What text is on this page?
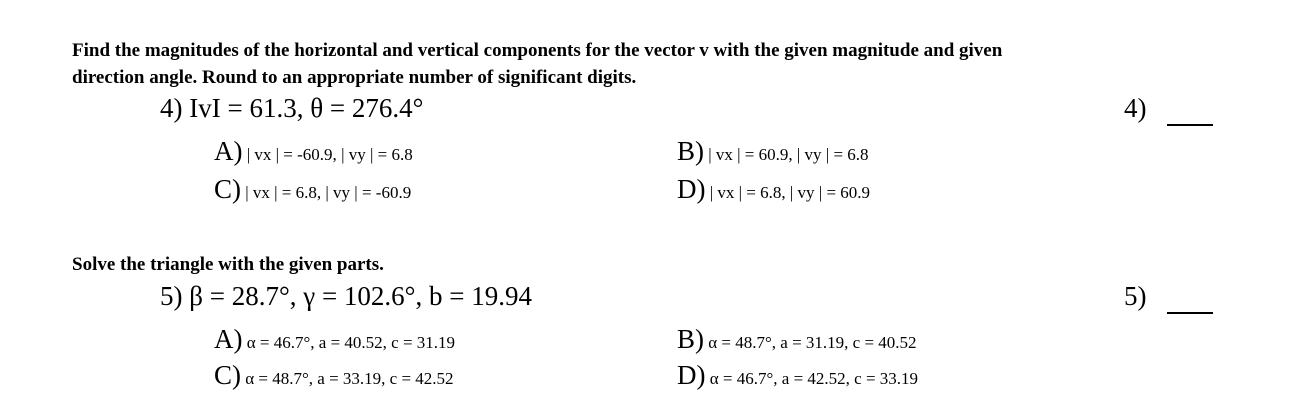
Find the magnitudes of the horizontal and vertical components for the vector v with the given magnitude and given
direction angle. Round to an appropriate number of significant digits.
4) IvI = 61.3, θ = 276.4°	4)
A) | vx | = -60.9, | vy | = 6.8	B) | vx | = 60.9, | vy | = 6.8
C) | vx | = 6.8, | vy | = -60.9	D) | vx | = 6.8, | vy | = 60.9
Solve the triangle with the given parts.
5) β = 28.7°, γ = 102.6°, b = 19.94	5)
A) α = 46.7°, a = 40.52, c = 31.19	B) α = 48.7°, a = 31.19, c = 40.52
C) α = 48.7°, a = 33.19, c = 42.52	D) α = 46.7°, a = 42.52, c = 33.19
